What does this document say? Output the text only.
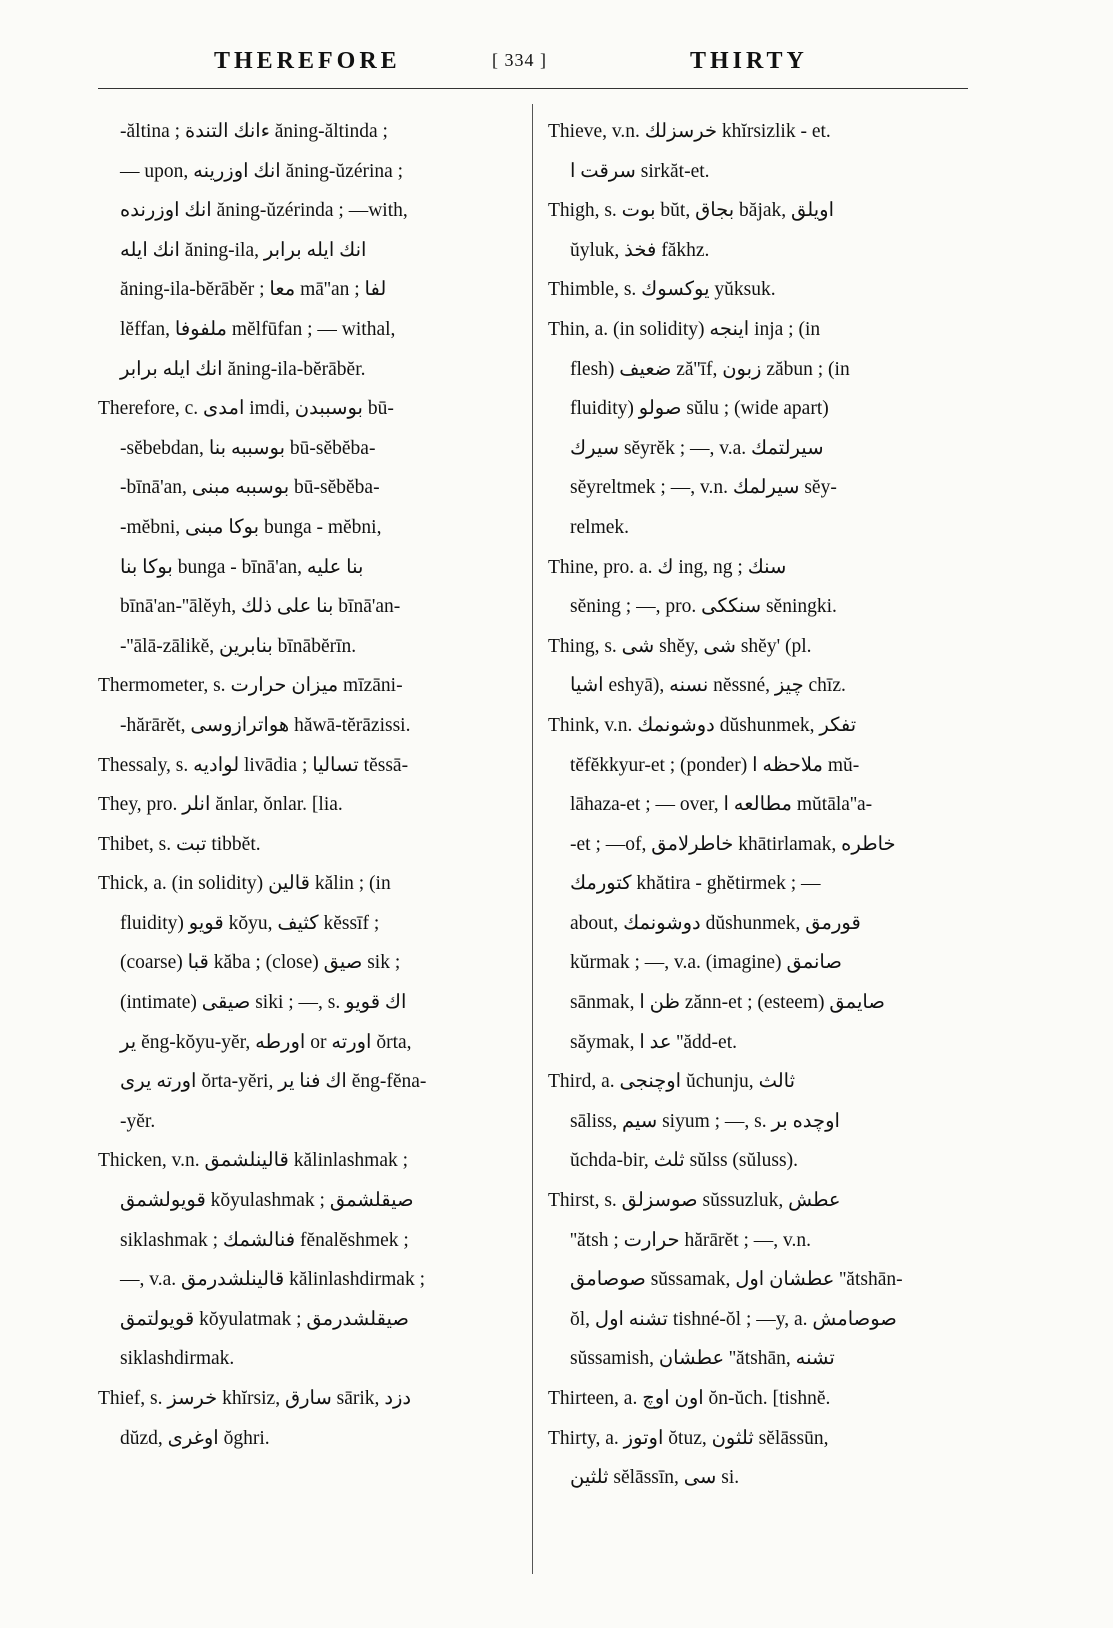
THEREFORE	[ 334 ]	THIRTY
-ăltina ; ءانك التندة ăning-ăltinda ;
— upon, انك اوزرينه ăning-ŭzérina ;
انك اوزرنده ăning-ŭzérinda ; —with,
انك ايله ăning-ila, انك ايله برابر
ăning-ila-bĕrābĕr ; معا mā''an ; لفا
lĕffan, ملفوفا mĕlfūfan ; — withal,
انك ايله برابر ăning-ila-bĕrābĕr.
Therefore, c. امدى imdi, بوسببدن bū-
-sĕbebdan, بوسببه بنا bū-sĕbĕba-
-bīnā'an, بوسببه مبنى bū-sĕbĕba-
-mĕbni, بوكا مبنى bunga - mĕbni,
بوكا بنا bunga - bīnā'an, بنا عليه
bīnā'an-''ālĕyh, بنا على ذلك bīnā'an-
-''ālā-zālikĕ, بنابرين bīnābĕrīn.
Thermometer, s. ميزان حرارت mīzāni-
-hărārĕt, هواترازوسى hăwā-tĕrāzissi.
Thessaly, s. لواديه livādia ; تسالیا tĕssā-
They, pro. انلر ănlar, ŏnlar. [lia.
Thibet, s. تبت tibbĕt.
Thick, a. (in solidity) قالين kălin ; (in
fluidity) قويو kŏyu, كثيف kĕssīf ;
(coarse) قبا kăba ; (close) صيق sik ;
(intimate) صيقى siki ; —, s. اك قويو
ير ĕng-kŏyu-yĕr, اورطه or اورته ŏrta,
اورته يرى ŏrta-yĕri, اك فنا ير ĕng-fĕna-
-yĕr.
Thicken, v.n. قالينلشمق kălinlashmak ;
قويولشمق kŏyulashmak ; صيقلشمق
siklashmak ; فنالشمك fĕnalĕshmek ;
—, v.a. قالينلشدرمق kălinlashdirmak ;
قويولتمق kŏyulatmak ; صيقلشدرمق
siklashdirmak.
Thief, s. خرسز khĭrsiz, سارق sārik, دزد
dŭzd, اوغرى ŏghri.
Thieve, v.n. خرسزلك khĭrsizlik - et.
سرقت ا sirkăt-et.
Thigh, s. بوت bŭt, بجاق băjak, اويلق
ŭyluk, فخذ făkhz.
Thimble, s. يوكسوك yŭksuk.
Thin, a. (in solidity) اينجه inja ; (in
flesh) ضعيف ză''īf, زبون zăbun ; (in
fluidity) صولو sŭlu ; (wide apart)
سيرك sĕyrĕk ; —, v.a. سيرلتمك
sĕyreltmek ; —, v.n. سيرلمك sĕy-
relmek.
Thine, pro. a. ك ing, ng ; سنك
sĕning ; —, pro. سنككى sĕningki.
Thing, s. شى shĕy, شى shĕy' (pl.
اشيا eshyā), نسنه nĕssné, چيز chīz.
Think, v.n. دوشونمك dŭshunmek, تفكر
tĕfĕkkyur-et ; (ponder) ملاحظه ا mŭ-
lāhaza-et ; — over, مطالعه ا mŭtāla''a-
-et ; —of, خاطرلامق khātirlamak, خاطره
كتورمك khătira - ghĕtirmek ; —
about, دوشونمك dŭshunmek, قورمق
kŭrmak ; —, v.a. (imagine) صانمق
sānmak, ظن ا zănn-et ; (esteem) صايمق
săymak, عد ا ''ădd-et.
Third, a. اوچنجى ŭchunju, ثالث
sāliss, سيم siyum ; —, s. اوچده بر
ŭchda-bir, ثلث sŭlss (sŭluss).
Thirst, s. صوسزلق sŭssuzluk, عطش
''ătsh ; حرارت hărārĕt ; —, v.n.
صوصامق sŭssamak, عطشان اول ''ătshān-
ŏl, تشنه اول tishné-ŏl ; —y, a. صوصامش
sŭssamish, عطشان ''ătshān, تشنه
Thirteen, a. اون اوچ ŏn-ŭch. [tishnĕ.
Thirty, a. اوتوز ŏtuz, ثلثون sĕlāssūn,
ثلثين sĕlāssīn, سى si.
